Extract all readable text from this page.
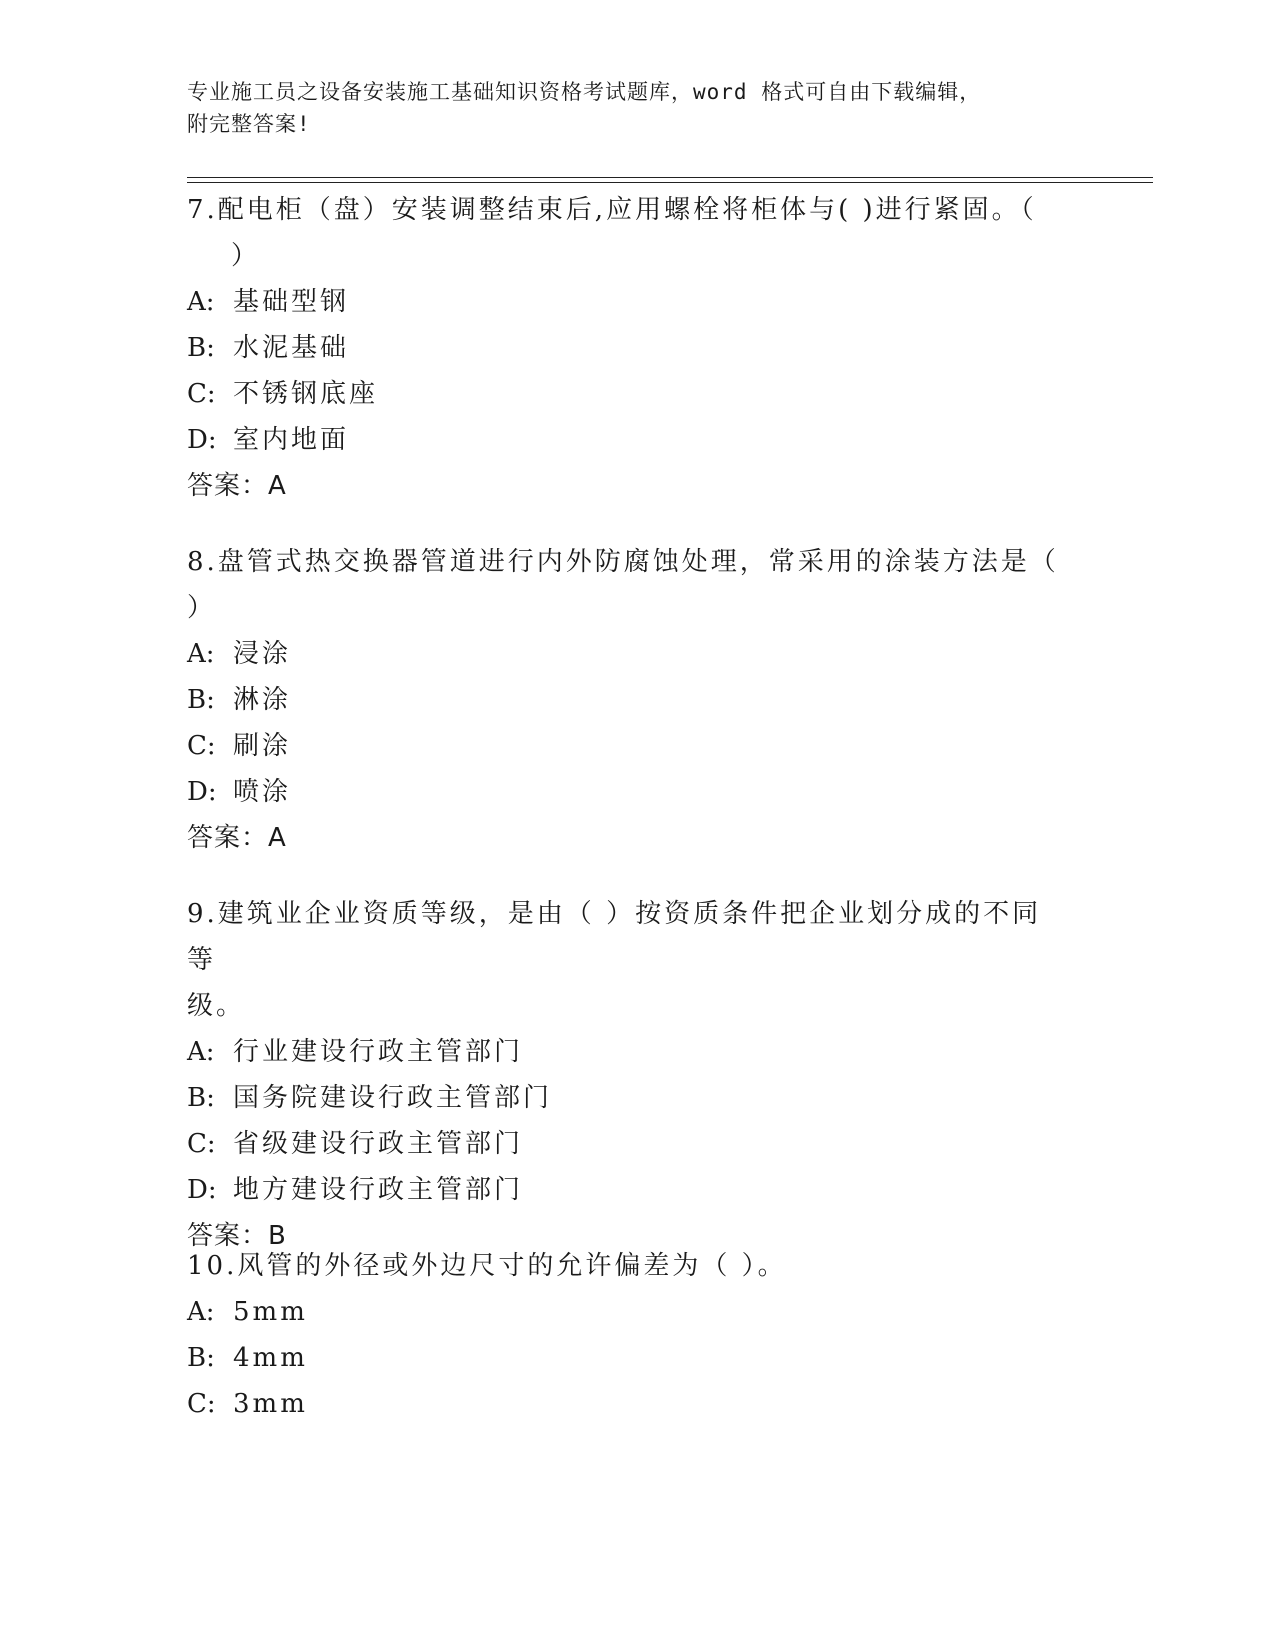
专业施工员之设备安装施工基础知识资格考试题库，word 格式可自由下载编辑，
附完整答案!
7.配电柜（盘）安装调整结束后,应用螺栓将柜体与( )进行紧固。（
）
A: 基础型钢
B: 水泥基础
C: 不锈钢底座
D: 室内地面
答案：A
8.盘管式热交换器管道进行内外防腐蚀处理，常采用的涂装方法是（
）
A: 浸涂
B: 淋涂
C: 刷涂
D: 喷涂
答案：A
9.建筑业企业资质等级，是由（ ）按资质条件把企业划分成的不同等
级。
A: 行业建设行政主管部门
B: 国务院建设行政主管部门
C: 省级建设行政主管部门
D: 地方建设行政主管部门
答案：B
10.风管的外径或外边尺寸的允许偏差为（ ）。
A: 5mm
B: 4mm
C: 3mm
